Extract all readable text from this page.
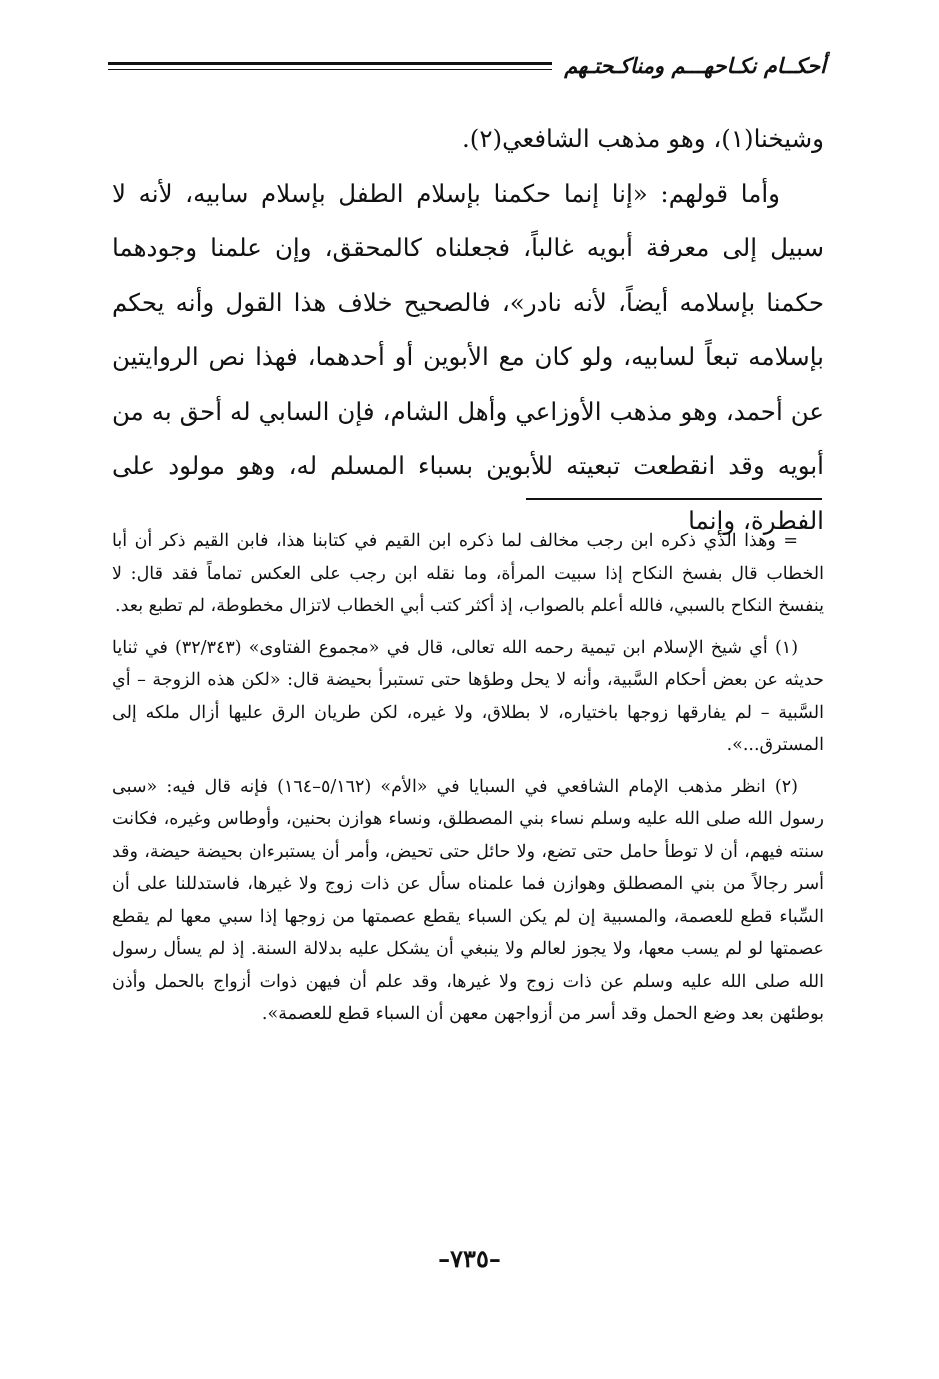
أحكــام نكـاحهـــم ومناكـحتـهم

وشيخنا(١)، وهو مذهب الشافعي(٢).

وأما قولهم: «إنا إنما حكمنا بإسلام الطفل بإسلام سابيه، لأنه لا سبيل إلى معرفة أبويه غالباً، فجعلناه كالمحقق، وإن علمنا وجودهما حكمنا بإسلامه أيضاً، لأنه نادر»، فالصحيح خلاف هذا القول وأنه يحكم بإسلامه تبعاً لسابيه، ولو كان مع الأبوين أو أحدهما، فهذا نص الروايتين عن أحمد، وهو مذهب الأوزاعي وأهل الشام، فإن السابي له أحق به من أبويه وقد انقطعت تبعيته للأبوين بسباء المسلم له، وهو مولود على الفطرة، وإنما

= وهذا الذي ذكره ابن رجب مخالف لما ذكره ابن القيم في كتابنا هذا، فابن القيم ذكر أن أبا الخطاب قال بفسخ النكاح إذا سبيت المرأة، وما نقله ابن رجب على العكس تماماً فقد قال: لا ينفسخ النكاح بالسبي، فالله أعلم بالصواب، إذ أكثر كتب أبي الخطاب لاتزال مخطوطة، لم تطبع بعد.

(١) أي شيخ الإسلام ابن تيمية رحمه الله تعالى، قال في «مجموع الفتاوى» (٣٢/٣٤٣) في ثنايا حديثه عن بعض أحكام السَّبية، وأنه لا يحل وطؤها حتى تستبرأ بحيضة قال: «لكن هذه الزوجة – أي السَّبية – لم يفارقها زوجها باختياره، لا بطلاق، ولا غيره، لكن طريان الرق عليها أزال ملكه إلى المسترق...».

(٢) انظر مذهب الإمام الشافعي في السبايا في «الأم» (٥/١٦٢–١٦٤) فإنه قال فيه: «سبى رسول الله صلى الله عليه وسلم نساء بني المصطلق، ونساء هوازن بحنين، وأوطاس وغيره، فكانت سنته فيهم، أن لا توطأ حامل حتى تضع، ولا حائل حتى تحيض، وأمر أن يستبرءان بحيضة حيضة، وقد أسر رجالاً من بني المصطلق وهوازن فما علمناه سأل عن ذات زوج ولا غيرها، فاستدللنا على أن السِّباء قطع للعصمة، والمسبية إن لم يكن السباء يقطع عصمتها من زوجها إذا سبي معها لم يقطع عصمتها لو لم يسب معها، ولا يجوز لعالم ولا ينبغي أن يشكل عليه بدلالة السنة. إذ لم يسأل رسول الله صلى الله عليه وسلم عن ذات زوج ولا غيرها، وقد علم أن فيهن ذوات أزواج بالحمل وأذن بوطئهن بعد وضع الحمل وقد أسر من أزواجهن معهن أن السباء قطع للعصمة».

–٧٣٥–
